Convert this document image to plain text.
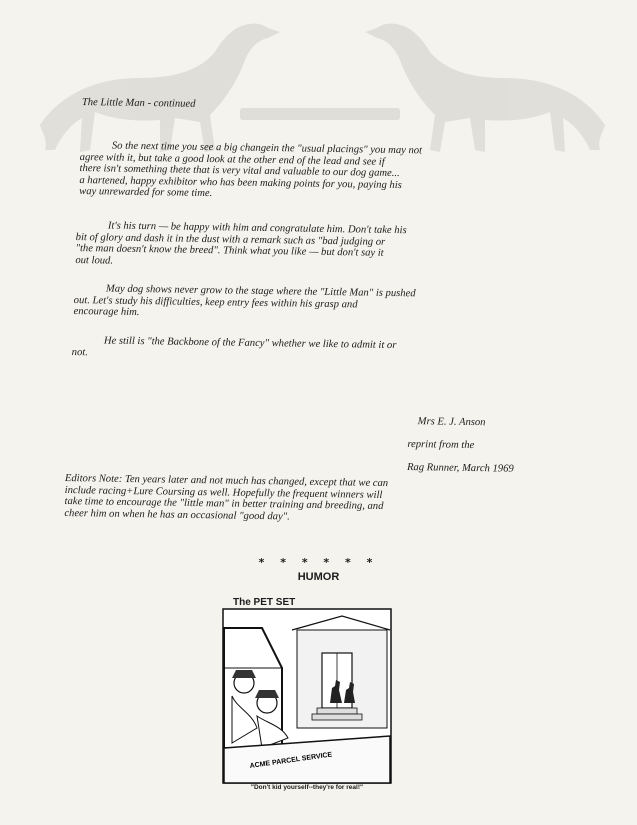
The Little Man - continued

So the next time you see a big changein the "usual placings" you may not
agree with it, but take a good look at the other end of the lead and see if
there isn't something thete that is very vital and valuable to our dog game...
a hartened, happy exhibitor who has been making points for you, paying his
way unrewarded for some time.

It's his turn — be happy with him and congratulate him. Don't take his
bit of glory and dash it in the dust with a remark such as "bad judging or
"the man doesn't know the breed". Think what you like — but don't say it
out loud.

May dog shows never grow to the stage where the "Little Man" is pushed
out. Let's study his difficulties, keep entry fees within his grasp and
encourage him.

He still is "the Backbone of the Fancy" whether we like to admit it or
not.

Mrs E. J. Anson

reprint from the

Rag Runner, March 1969

Editors Note: Ten years later and not much has changed, except that we can
include racing+Lure Coursing as well. Hopefully the frequent winners will
take time to encourage the "little man" in better training and breeding, and
cheer him on when he has an occasional "good day".

* * * * * *
HUMOR
The PET SET
ACME PARCEL SERVICE
"Don't kid yourself--they're for real!"
